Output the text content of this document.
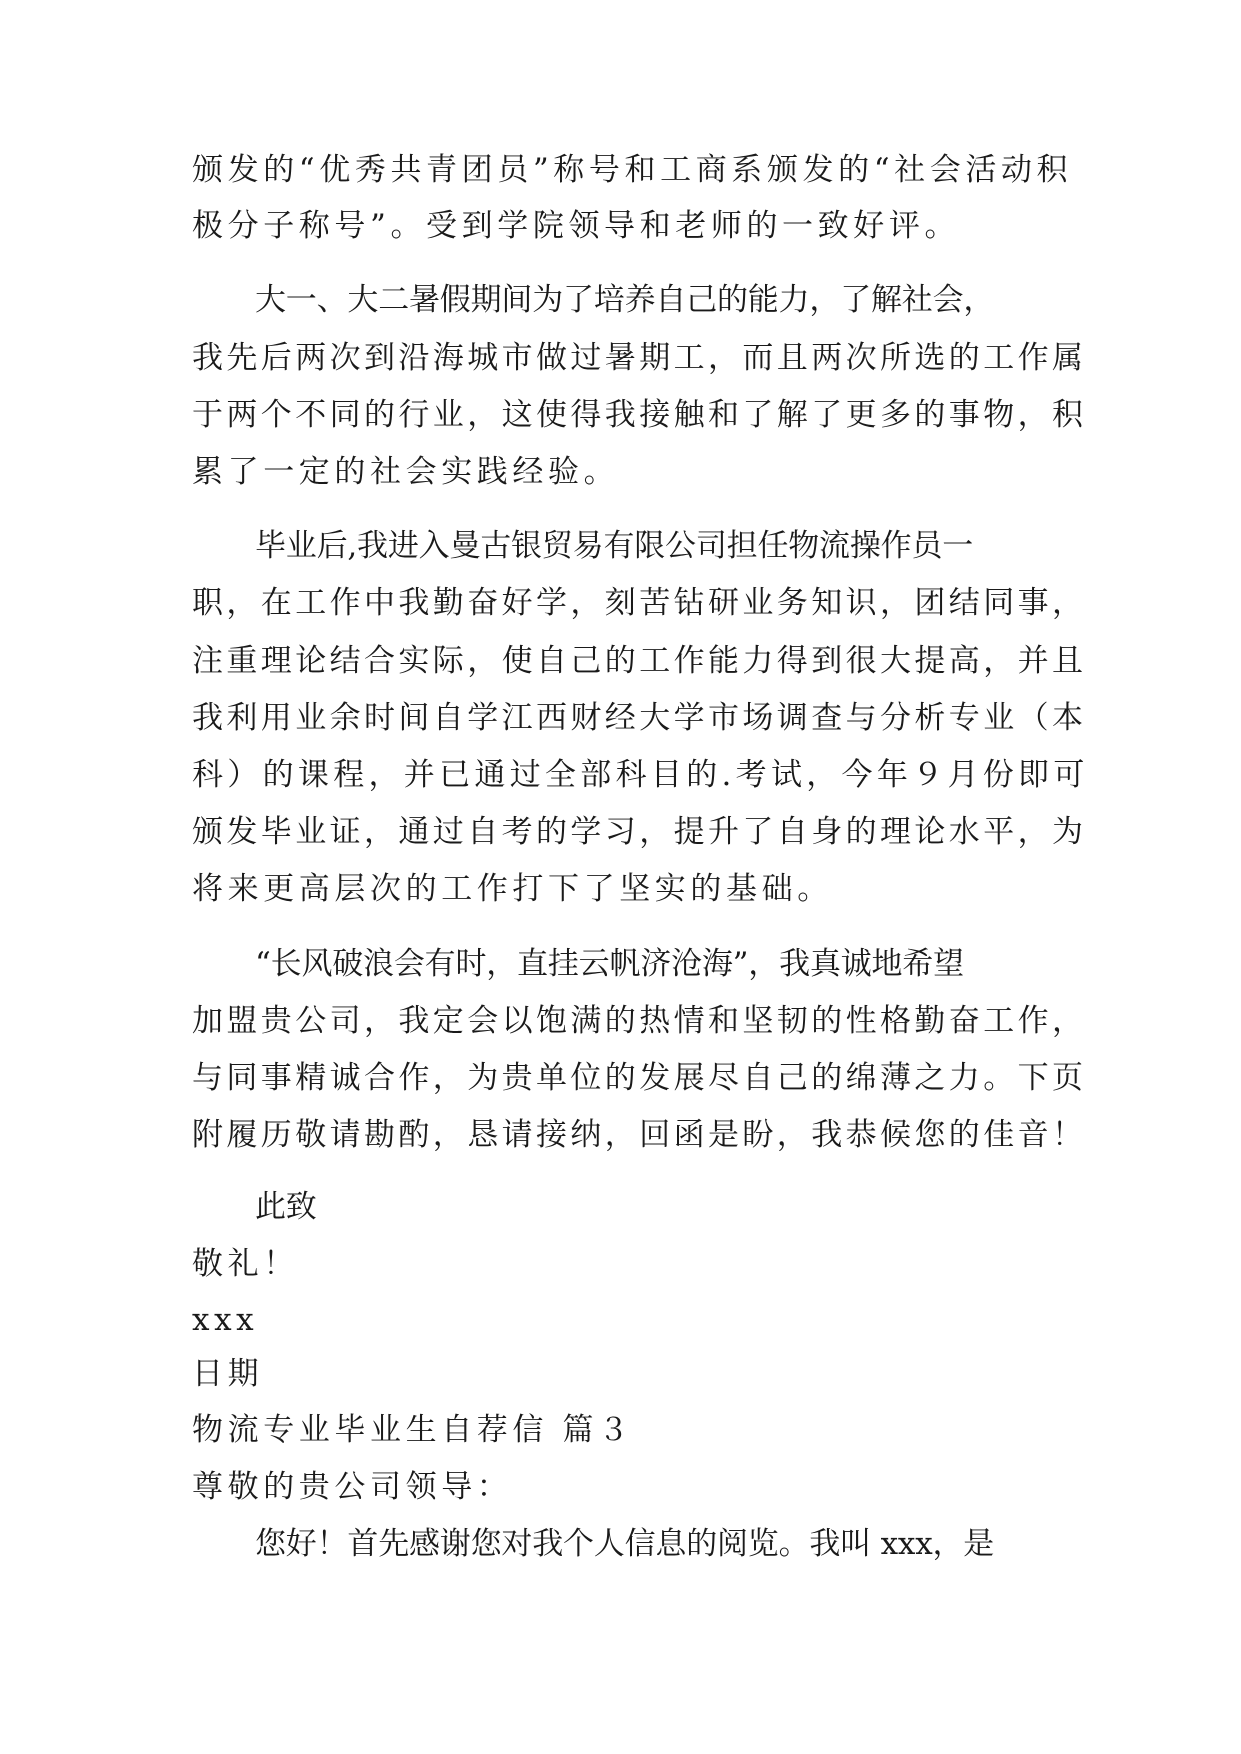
颁发的“优秀共青团员”称号和工商系颁发的“社会活动积
极分子称号”。受到学院领导和老师的一致好评。
大一、大二暑假期间为了培养自己的能力，了解社会，
我先后两次到沿海城市做过暑期工，而且两次所选的工作属
于两个不同的行业，这使得我接触和了解了更多的事物，积
累了一定的社会实践经验。
毕业后,我进入曼古银贸易有限公司担任物流操作员一
职，在工作中我勤奋好学，刻苦钻研业务知识，团结同事，
注重理论结合实际，使自己的工作能力得到很大提高，并且
我利用业余时间自学江西财经大学市场调查与分析专业（本
科）的课程，并已通过全部科目的.考试，今年９月份即可
颁发毕业证，通过自考的学习，提升了自身的理论水平，为
将来更高层次的工作打下了坚实的基础。
“长风破浪会有时，直挂云帆济沧海”，我真诚地希望
加盟贵公司，我定会以饱满的热情和坚韧的性格勤奋工作，
与同事精诚合作，为贵单位的发展尽自己的绵薄之力。下页
附履历敬请勘酌，恳请接纳，回函是盼，我恭候您的佳音！
此致
敬礼！
xxx
日期
物流专业毕业生自荐信 篇３
尊敬的贵公司领导：
您好！首先感谢您对我个人信息的阅览。我叫 xxx，是
